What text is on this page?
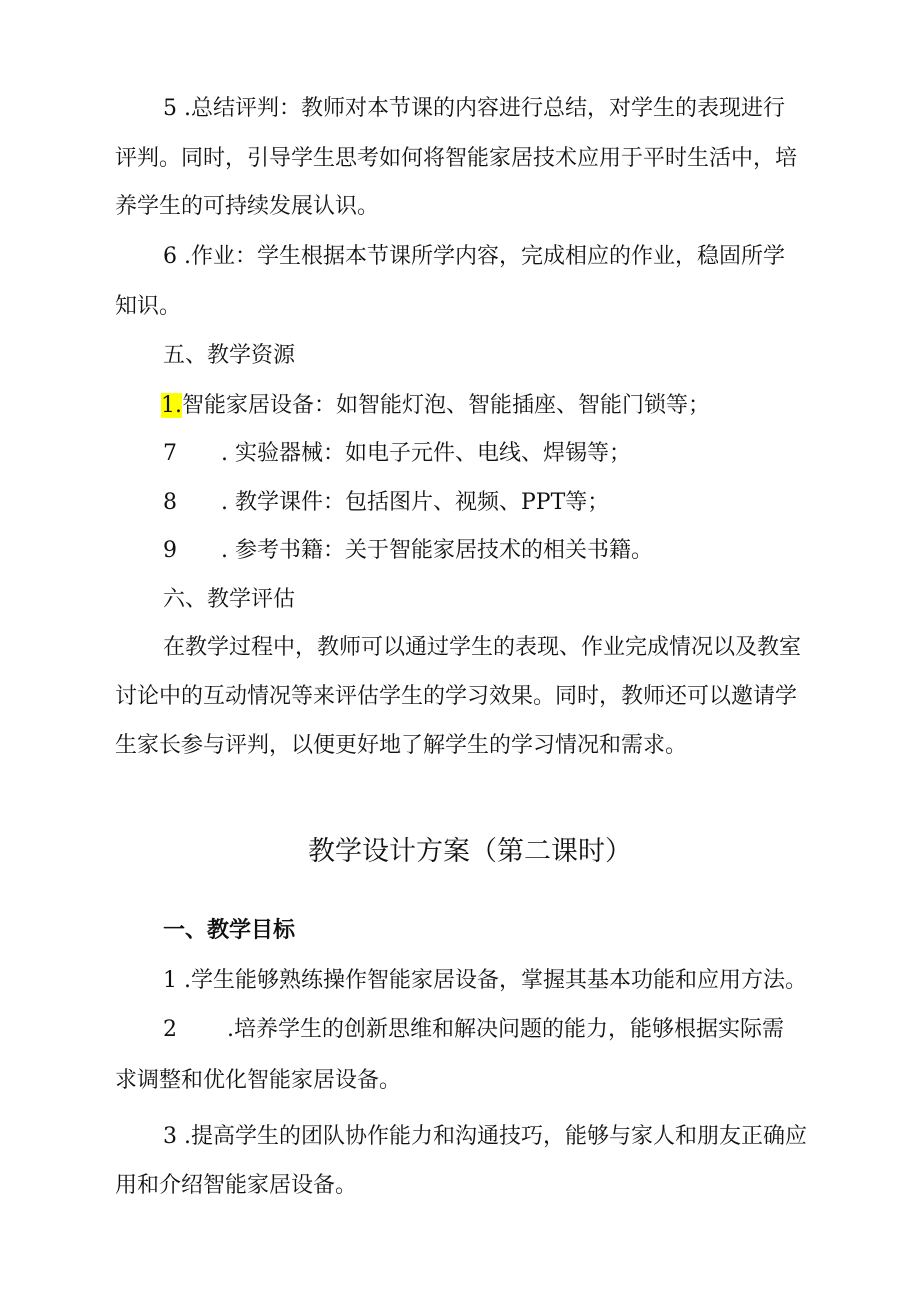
5 .总结评判：教师对本节课的内容进行总结，对学生的表现进行

评判。同时，引导学生思考如何将智能家居技术应用于平时生活中，培

养学生的可持续发展认识。

6 .作业：学生根据本节课所学内容，完成相应的作业，稳固所学

知识。

五、教学资源

1.智能家居设备：如智能灯泡、智能插座、智能门锁等；

7 . 实验器械：如电子元件、电线、焊锡等；

8 . 教学课件：包括图片、视频、PPT等；

9 . 参考书籍：关于智能家居技术的相关书籍。

六、教学评估

在教学过程中，教师可以通过学生的表现、作业完成情况以及教室

讨论中的互动情况等来评估学生的学习效果。同时，教师还可以邀请学

生家长参与评判，以便更好地了解学生的学习情况和需求。

教学设计方案（第二课时）

一、教学目标

1 .学生能够熟练操作智能家居设备，掌握其基本功能和应用方法。

2 .培养学生的创新思维和解决问题的能力，能够根据实际需

求调整和优化智能家居设备。

3 .提高学生的团队协作能力和沟通技巧，能够与家人和朋友正确应

用和介绍智能家居设备。
